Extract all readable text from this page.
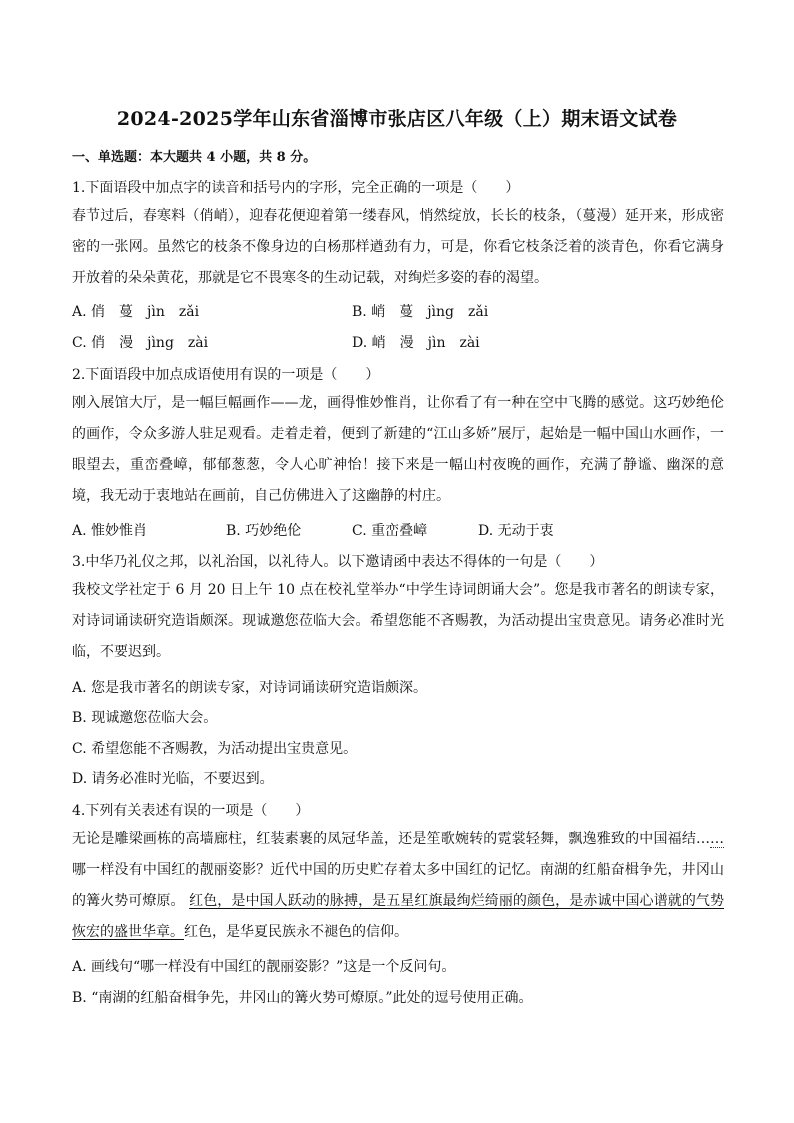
2024-2025学年山东省淄博市张店区八年级（上）期末语文试卷
一、单选题：本大题共 4 小题，共 8 分。
1.下面语段中加点字的读音和括号内的字形，完全正确的一项是（　　）
春节过后，春寒料（俏峭），迎春花便迎着第一缕春风，悄然绽放，长长的枝条，（蔓漫）延开来，形成密密的一张网。虽然它的枝条不像身边的白杨那样遒劲有力，可是，你看它枝条泛着的淡青色，你看它满身开放着的朵朵黄花，那就是它不畏寒冬的生动记载，对绚烂多姿的春的渴望。
A. 俏　蔓　jìn　zǎi	B. 峭　蔓　jìng　zǎi
C. 俏　漫　jìng　zài	D. 峭　漫　jìn　zài
2.下面语段中加点成语使用有误的一项是（　　）
刚入展馆大厅，是一幅巨幅画作——龙，画得惟妙惟肖，让你看了有一种在空中飞腾的感觉。这巧妙绝伦的画作，令众多游人驻足观看。走着走着，便到了新建的“江山多娇”展厅，起始是一幅中国山水画作，一眼望去，重峦叠嶂，郁郁葱葱，令人心旷神怡！接下来是一幅山村夜晚的画作，充满了静谧、幽深的意境，我无动于衷地站在画前，自己仿佛进入了这幽静的村庄。
A. 惟妙惟肖	B. 巧妙绝伦	C. 重峦叠嶂	D. 无动于衷
3.中华乃礼仪之邦，以礼治国，以礼待人。以下邀请函中表达不得体的一句是（　　）
我校文学社定于 6 月 20 日上午 10 点在校礼堂举办“中学生诗词朗诵大会”。您是我市著名的朗读专家，对诗词诵读研究造诣颇深。现诚邀您莅临大会。希望您能不吝赐教，为活动提出宝贵意见。请务必准时光临，不要迟到。
A. 您是我市著名的朗读专家，对诗词诵读研究造诣颇深。
B. 现诚邀您莅临大会。
C. 希望您能不吝赐教，为活动提出宝贵意见。
D. 请务必准时光临，不要迟到。
4.下列有关表述有误的一项是（　　）
无论是雕梁画栋的高墙廊柱，红装素裹的凤冠华盖，还是笙歌婉转的霓裳轻舞，飘逸雅致的中国福结……哪一样没有中国红的靓丽姿影？近代中国的历史贮存着太多中国红的记忆。南湖的红船奋楫争先，井冈山的篝火势可燎原。 红色，是中国人跃动的脉搏，是五星红旗最绚烂绮丽的颜色，是赤诚中国心谱就的气势恢宏的盛世华章。红色，是华夏民族永不褪色的信仰。
A. 画线句“哪一样没有中国红的靓丽姿影？”这是一个反问句。
B. “南湖的红船奋楫争先，井冈山的篝火势可燎原。”此处的逗号使用正确。
